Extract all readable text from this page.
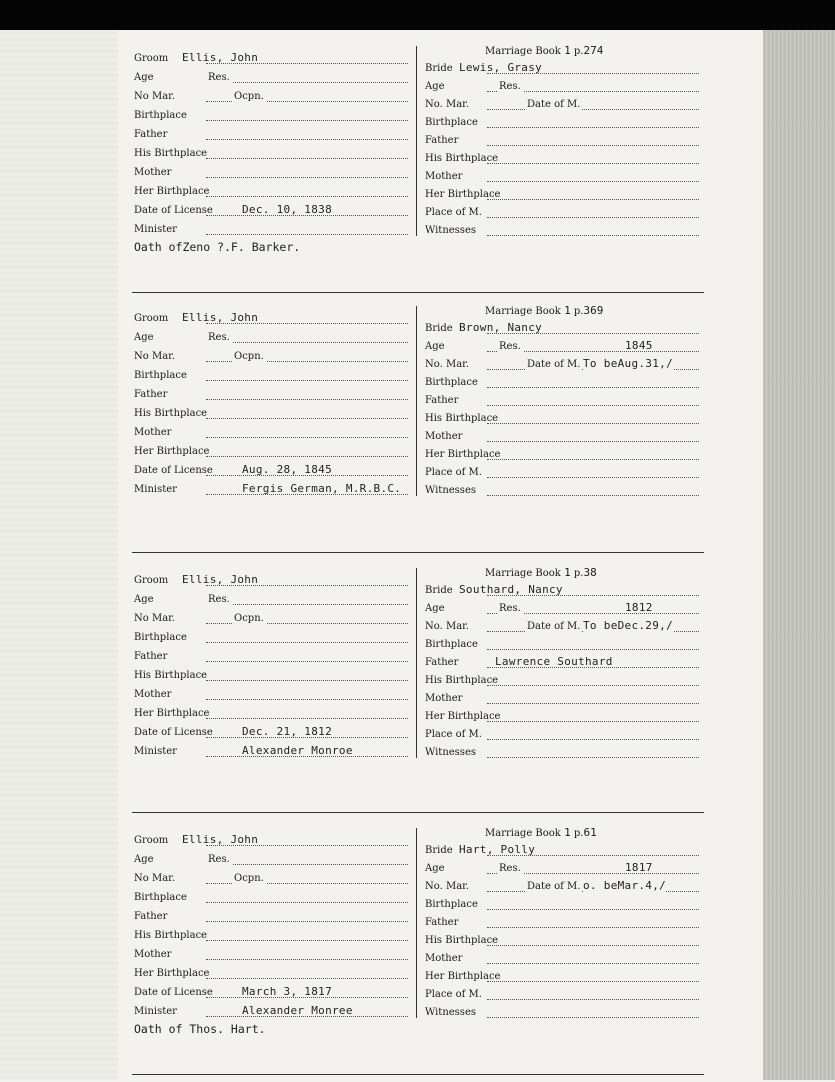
Groom Ellis, John
Age	Res.
No Mar.	Ocpn.
Birthplace
Father
His Birthplace
Mother
Her Birthplace
Date of License	Dec. 10, 1838
Minister
Marriage Book 1 p.274
Bride Lewis, Grasy
Age	Res.
No. Mar.	Date of M.
Birthplace
Father
His Birthplace
Mother
Her Birthplace
Place of M.
Witnesses
Oath ofZeno ?.F. Barker.
Groom Ellis, John
Age	Res.
No Mar.	Ocpn.
Birthplace
Father
His Birthplace
Mother
Her Birthplace
Date of License	Aug. 28, 1845
Minister	Fergis German, M.R.B.C.
Marriage Book 1 p.369
Bride Brown, Nancy
Age	Res.	1845
No. Mar.	Date of M. To beAug.31,/
Birthplace
Father
His Birthplace
Mother
Her Birthplace
Place of M.
Witnesses
Groom Ellis, John
Age	Res.
No Mar.	Ocpn.
Birthplace
Father
His Birthplace
Mother
Her Birthplace
Date of License	Dec. 21, 1812
Minister	Alexander Monroe
Marriage Book 1 p.38
Bride Southard, Nancy
Age	Res.	1812
No. Mar.	Date of M. To beDec.29,/
Birthplace
Father	Lawrence Southard
His Birthplace
Mother
Her Birthplace
Place of M.
Witnesses
Groom Ellis, John
Age	Res.
No Mar.	Ocpn.
Birthplace
Father
His Birthplace
Mother
Her Birthplace
Date of License	March 3, 1817
Minister	Alexander Monree
Marriage Book 1 p.61
Bride Hart, Polly
Age	Res.	1817
No. Mar.	Date of M. o. beMar.4,/
Birthplace
Father
His Birthplace
Mother
Her Birthplace
Place of M.
Witnesses
Oath of Thos. Hart.
